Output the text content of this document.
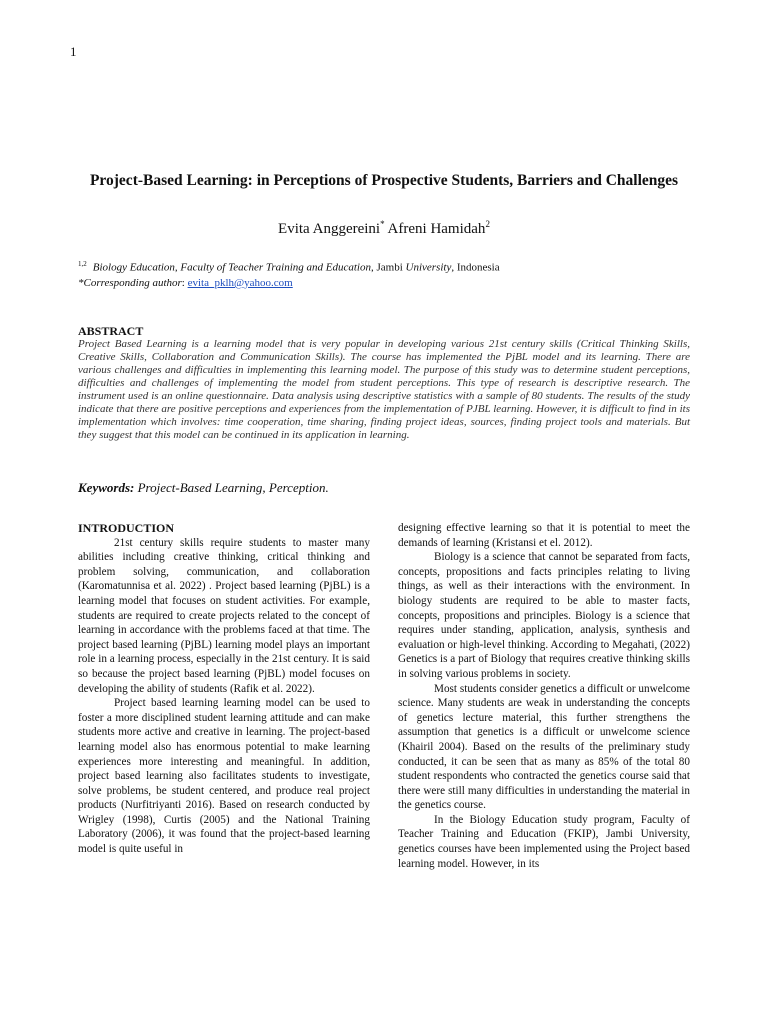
1
Project-Based Learning: in Perceptions of Prospective Students, Barriers and Challenges
Evita Anggereini* Afreni Hamidah$^2$
$^{1,2}$ Biology Education, Faculty of Teacher Training and Education, Jambi University, Indonesia
*Corresponding author: evita_pklh@yahoo.com
ABSTRACT

Project Based Learning is a learning model that is very popular in developing various 21st century skills (Critical Thinking Skills, Creative Skills, Collaboration and Communication Skills). The course has implemented the PjBL model and its learning. There are various challenges and difficulties in implementing this learning model. The purpose of this study was to determine student perceptions, difficulties and challenges of implementing the model from student perceptions. This type of research is descriptive research. The instrument used is an online questionnaire. Data analysis using descriptive statistics with a sample of 80 students. The results of the study indicate that there are positive perceptions and experiences from the implementation of PJBL learning. However, it is difficult to find in its implementation which involves: time cooperation, time sharing, finding project ideas, sources, finding project tools and materials. But they suggest that this model can be continued in its application in learning.

Keywords: Project-Based Learning, Perception.
INTRODUCTION

21st century skills require students to master many abilities including creative thinking, critical thinking and problem solving, communication, and collaboration (Karomatunnisa et al. 2022) . Project based learning (PjBL) is a learning model that focuses on student activities. For example, students are required to create projects related to the concept of learning in accordance with the problems faced at that time. The project based learning (PjBL) learning model plays an important role in a learning process, especially in the 21st century. It is said so because the project based learning (PjBL) model focuses on developing the ability of students (Rafik et al. 2022).

Project based learning learning model can be used to foster a more disciplined student learning attitude and can make students more active and creative in learning. The project-based learning model also has enormous potential to make learning experiences more interesting and meaningful. In addition, project based learning also facilitates students to investigate, solve problems, be student centered, and produce real project products (Nurfitriyanti 2016). Based on research conducted by Wrigley (1998), Curtis (2005) and the National Training Laboratory (2006), it was found that the project-based learning model is quite useful in

designing effective learning so that it is potential to meet the demands of learning (Kristansi et el. 2012).

Biology is a science that cannot be separated from facts, concepts, propositions and facts principles relating to living things, as well as their interactions with the environment. In biology students are required to be able to master facts, concepts, propositions and principles. Biology is a science that requires under standing, application, analysis, synthesis and evaluation or high-level thinking. According to Megahati, (2022) Genetics is a part of Biology that requires creative thinking skills in solving various problems in society.

Most students consider genetics a difficult or unwelcome science. Many students are weak in understanding the concepts of genetics lecture material, this further strengthens the assumption that genetics is a difficult or unwelcome science (Khairil 2004). Based on the results of the preliminary study conducted, it can be seen that as many as 85% of the total 80 student respondents who contracted the genetics course said that there were still many difficulties in understanding the material in the genetics course.

In the Biology Education study program, Faculty of Teacher Training and Education (FKIP), Jambi University, genetics courses have been implemented using the Project based learning model. However, in its
